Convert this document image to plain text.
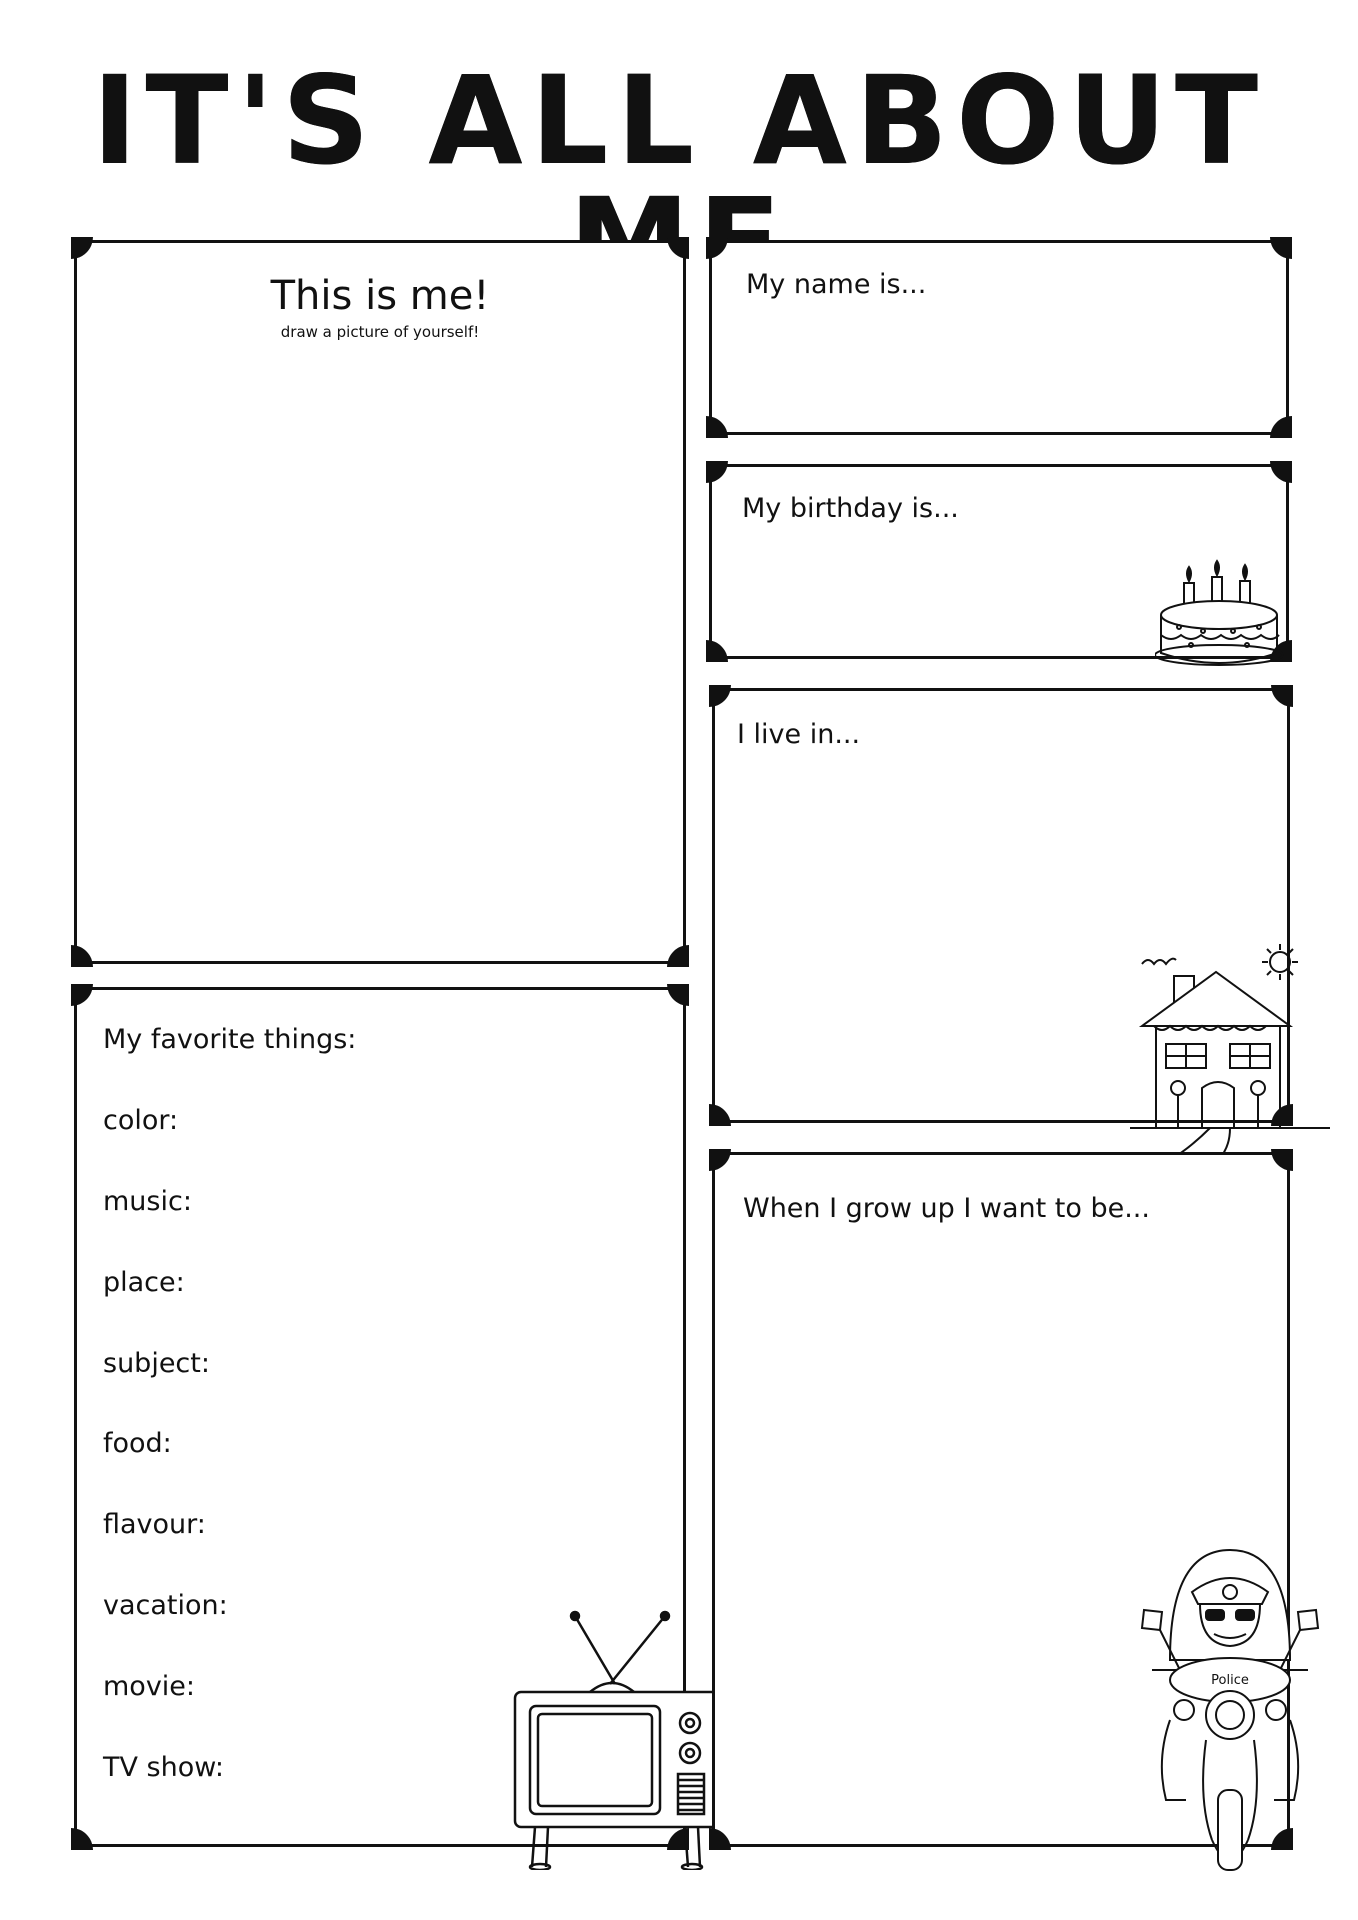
IT'S ALL ABOUT
This is me!
draw a picture of yourself!
My name is...
My birthday is...
I live in...
My favorite things:
color:
music:
place:
subject:
food:
flavour:
vacation:
movie:
TV show:
When I grow up I want to be...
Police
